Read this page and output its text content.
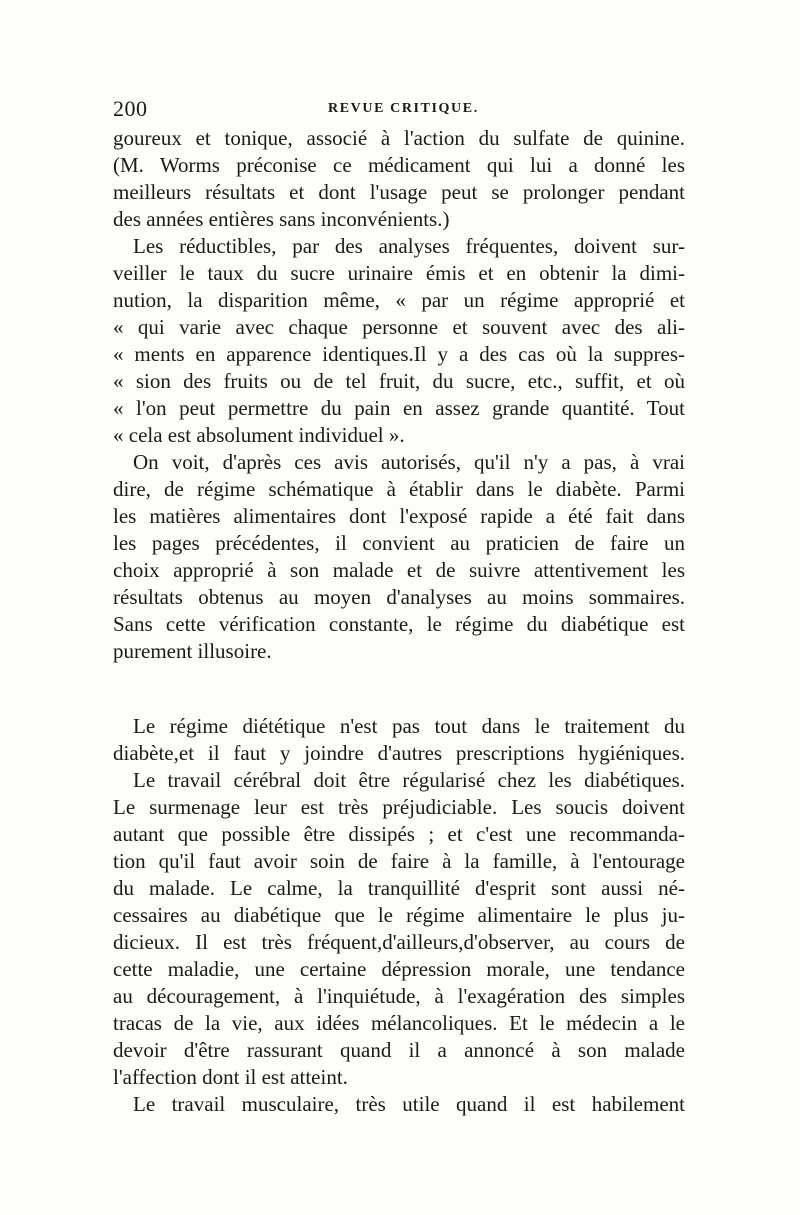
200	REVUE CRITIQUE.
goureux et tonique, associé à l'action du sulfate de quinine.
(M. Worms préconise ce médicament qui lui a donné les
meilleurs résultats et dont l'usage peut se prolonger pendant
des années entières sans inconvénients.)
Les réductibles, par des analyses fréquentes, doivent sur-
veiller le taux du sucre urinaire émis et en obtenir la dimi-
nution, la disparition même, « par un régime approprié et
« qui varie avec chaque personne et souvent avec des ali-
« ments en apparence identiques.Il y a des cas où la suppres-
« sion des fruits ou de tel fruit, du sucre, etc., suffit, et où
« l'on peut permettre du pain en assez grande quantité. Tout
« cela est absolument individuel ».
On voit, d'après ces avis autorisés, qu'il n'y a pas, à vrai
dire, de régime schématique à établir dans le diabète. Parmi
les matières alimentaires dont l'exposé rapide a été fait dans
les pages précédentes, il convient au praticien de faire un
choix approprié à son malade et de suivre attentivement les
résultats obtenus au moyen d'analyses au moins sommaires.
Sans cette vérification constante, le régime du diabétique est
purement illusoire.
Le régime diététique n'est pas tout dans le traitement du
diabète,et il faut y joindre d'autres prescriptions hygiéniques.
Le travail cérébral doit être régularisé chez les diabétiques.
Le surmenage leur est très préjudiciable. Les soucis doivent
autant que possible être dissipés ; et c'est une recommanda-
tion qu'il faut avoir soin de faire à la famille, à l'entourage
du malade. Le calme, la tranquillité d'esprit sont aussi né-
cessaires au diabétique que le régime alimentaire le plus ju-
dicieux. Il est très fréquent,d'ailleurs,d'observer, au cours de
cette maladie, une certaine dépression morale, une tendance
au découragement, à l'inquiétude, à l'exagération des simples
tracas de la vie, aux idées mélancoliques. Et le médecin a le
devoir d'être rassurant quand il a annoncé à son malade
l'affection dont il est atteint.
Le travail musculaire, très utile quand il est habilement
